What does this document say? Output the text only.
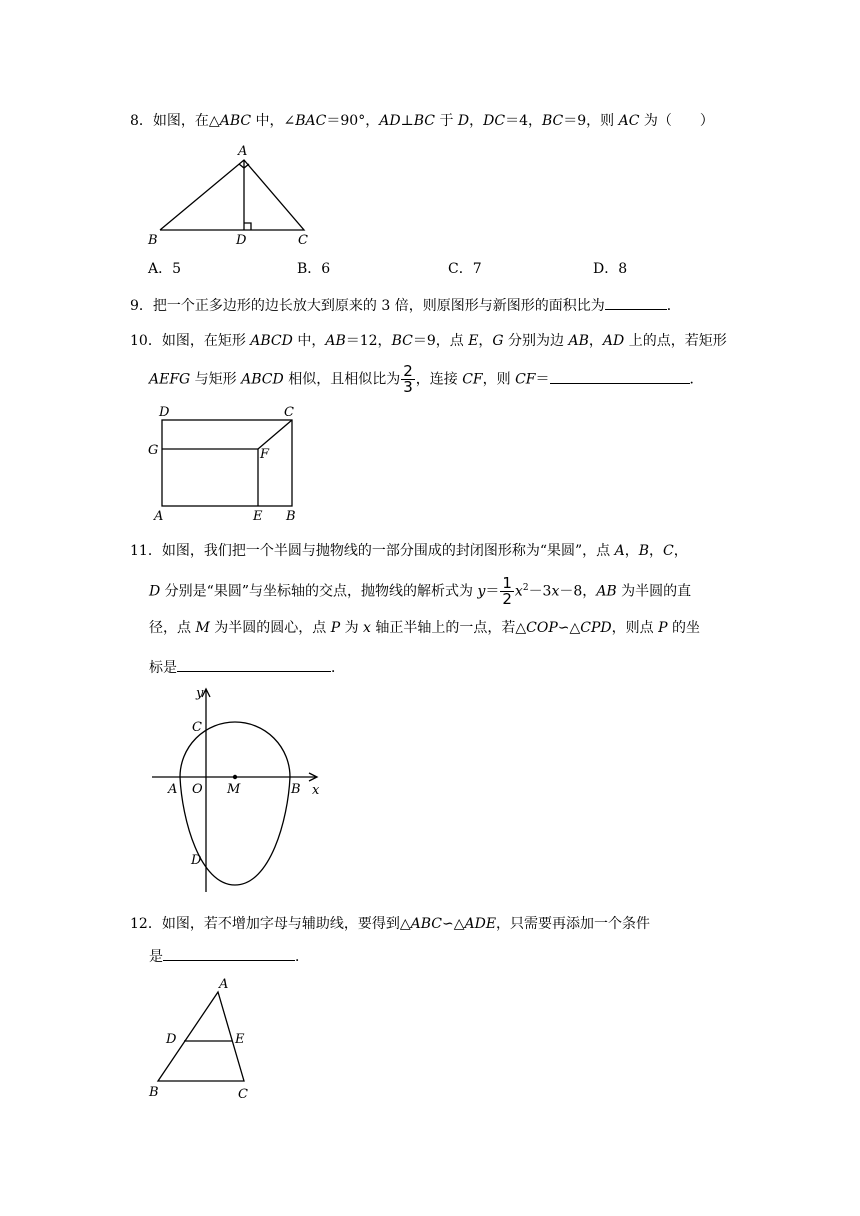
8．如图，在△ABC 中，∠BAC＝90°，AD⊥BC 于 D，DC＝4，BC＝9，则 AC 为（　　）
A
B	D	C
A．5	B．6	C．7	D．8
9．把一个正多边形的边长放大到原来的 3 倍，则原图形与新图形的面积比为	．
10．如图，在矩形 ABCD 中，AB＝12，BC＝9，点 E，G 分别为边 AB，AD 上的点，若矩形
AEFG 与矩形 ABCD 相似，且相似比为 $\frac{2}{3}$ ，连接 CF，则 CF＝	．
D	C
G	F
A	E B
11．如图，我们把一个半圆与抛物线的一部分围成的封闭图形称为“果圆”，点 A，B，C，
D 分别是“果圆”与坐标轴的交点，抛物线的解析式为 $y= \frac{1}{2} x^2-3x-8$，AB 为半圆的直
径，点 M 为半圆的圆心，点 P 为 x 轴正半轴上的一点，若△COP∽△CPD，则点 P 的坐
标是	．
y
x
C
A O M	B
D
12．如图，若不增加字母与辅助线，要得到△ABC∽△ADE，只需要再添加一个条件
是	．
A
D	E
B	C
